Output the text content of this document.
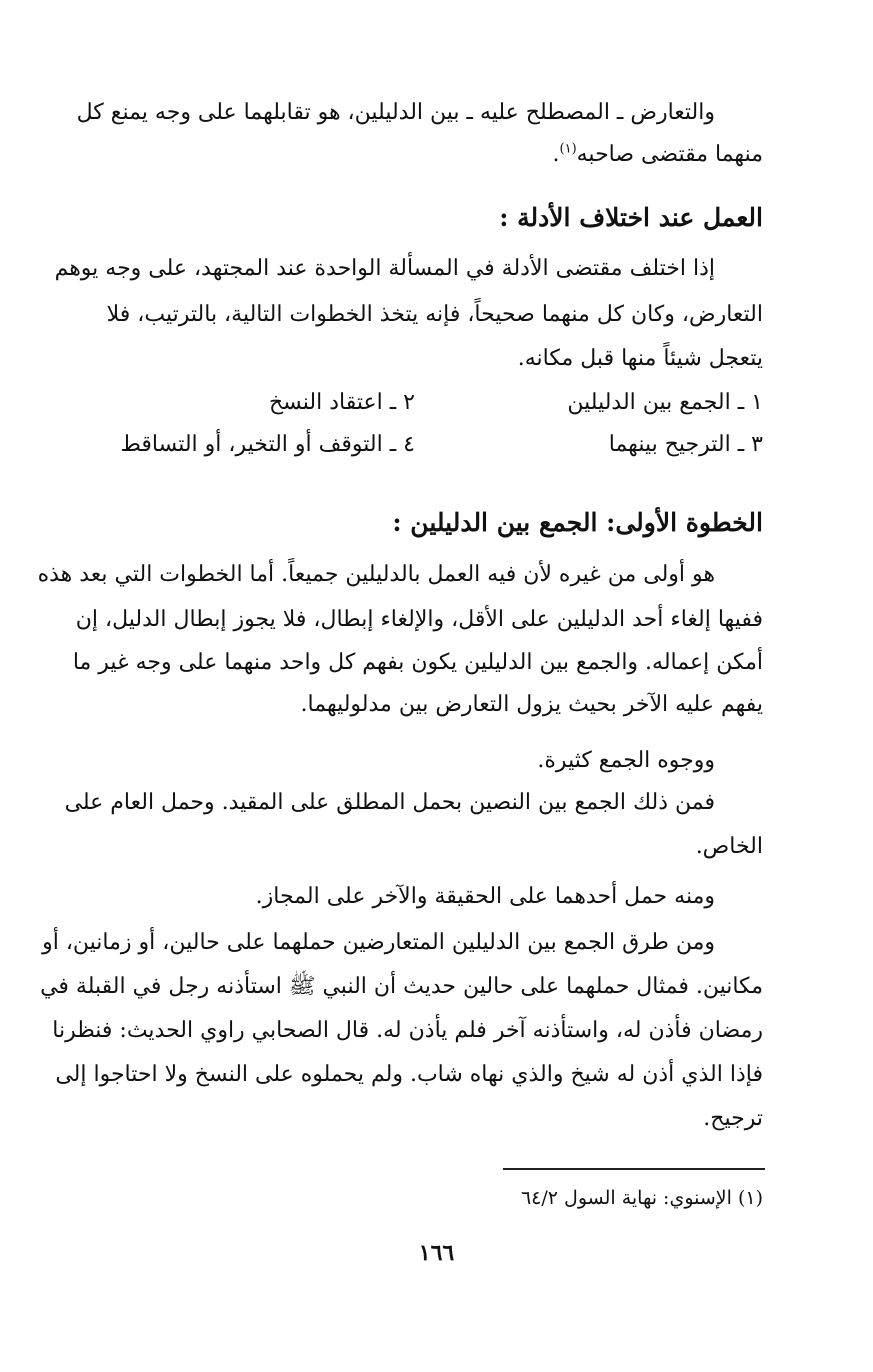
والتعارض ـ المصطلح عليه ـ بين الدليلين، هو تقابلهما على وجه يمنع كل
منهما مقتضى صاحبه$^{(١)}$.
العمل عند اختلاف الأدلة :
إذا اختلف مقتضى الأدلة في المسألة الواحدة عند المجتهد، على وجه يوهم
التعارض، وكان كل منهما صحيحاً، فإنه يتخذ الخطوات التالية، بالترتيب، فلا
يتعجل شيئاً منها قبل مكانه.
١ ـ الجمع بين الدليلين
٢ ـ اعتقاد النسخ
٣ ـ الترجيح بينهما
٤ ـ التوقف أو التخير، أو التساقط
الخطوة الأولى: الجمع بين الدليلين :
هو أولى من غيره لأن فيه العمل بالدليلين جميعاً. أما الخطوات التي بعد هذه
ففيها إلغاء أحد الدليلين على الأقل، والإلغاء إبطال، فلا يجوز إبطال الدليل، إن
أمكن إعماله. والجمع بين الدليلين يكون بفهم كل واحد منهما على وجه غير ما
يفهم عليه الآخر بحيث يزول التعارض بين مدلوليهما.
ووجوه الجمع كثيرة.
فمن ذلك الجمع بين النصين بحمل المطلق على المقيد. وحمل العام على
الخاص.
ومنه حمل أحدهما على الحقيقة والآخر على المجاز.
ومن طرق الجمع بين الدليلين المتعارضين حملهما على حالين، أو زمانين، أو
مكانين. فمثال حملهما على حالين حديث أن النبي ﷺ استأذنه رجل في القبلة في
رمضان فأذن له، واستأذنه آخر فلم يأذن له. قال الصحابي راوي الحديث: فنظرنا
فإذا الذي أذن له شيخ والذي نهاه شاب. ولم يحملوه على النسخ ولا احتاجوا إلى
ترجيح.
(١) الإسنوي: نهاية السول ٦٤/٢
١٦٦
